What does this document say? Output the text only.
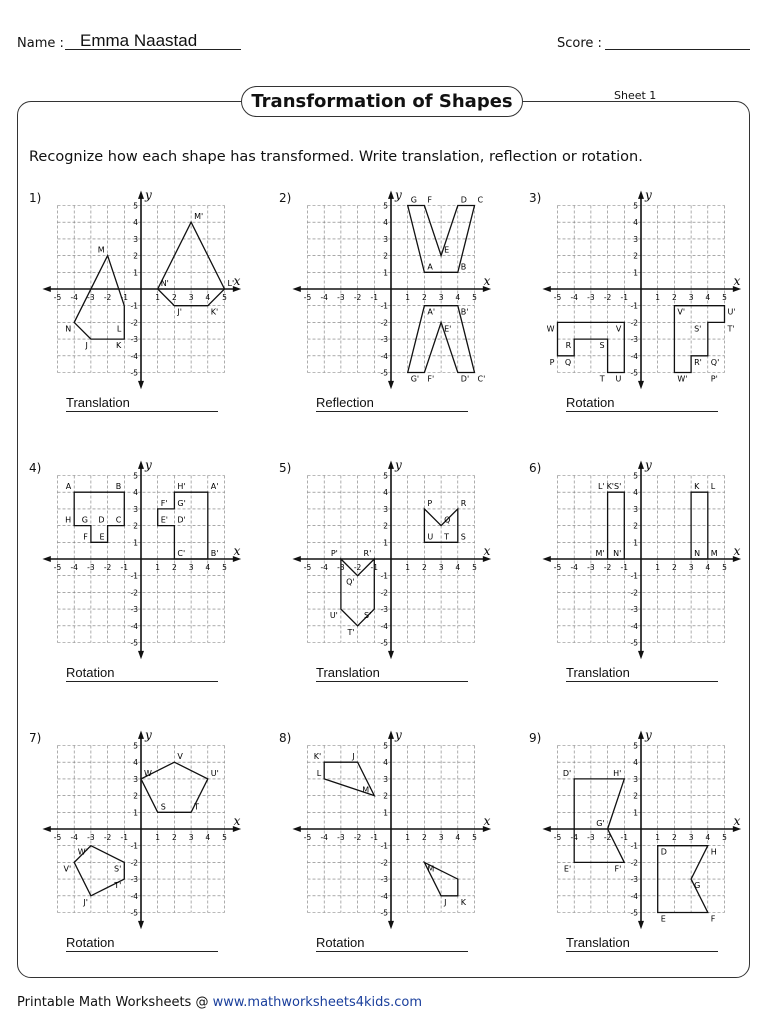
Name : Emma Naastad	Score :
Transformation of Shapes	Sheet 1
Recognize how each shape has transformed. Write translation, reflection or rotation.
1)
Translation
x
y
-5
-5
-4
-4
-3
-3
-2
-2
-1
-1
1
1
2
2
3
3
4
4
5
5
M
N
J	K
L
M'
N'
J'	K'
L'
2)
Reflection
x
y
-5
-5
-4
-4
-3
-3
-2
-2
-1
-1
1
1
2
2
3
3
4
4
5
5
G F	D C
E
A	B
A'	B'
E'
G' F'	D' C'
3)
Rotation
x
y
-5
-5
-4
-4
-3
-3
-2
-2
-1
-1
1
1
2
2
3
3
4
4
5
5
W	V
R	S
P Q
T U
V'	U'
T'
S'
R' Q'
W'	P'
4)
Rotation
x
y
-5
-5
-4
-4
-3
-3
-2
-2
-1
-1
1
1
2
2
3
3
4
4
5
5
A	B
C
D
G
H
F E
H'	A'
G'
F'
E' D'
C'	B'
5)
Translation
x
y
-5
-5
-4
-4
-3
-3
-2
-2
-1
-1
1
1
2
2
3
3
4
4
5
5
P'
Q'
R'
U'	S'
T'
P
Q
R
U	S
T
6)
Translation
x
y
-5
-5
-4
-4
-3
-3
-2
-2
-1
-1
1
1
2
2
3
3
4
4
5
5
L' K'S'
M' N'
K L
N M
7)
Rotation
x
y
-5
-5
-4
-4
-3
-3
-2
-2
-1
-1
1
1
2
2
3
3
4
4
5
5
V
U'
W
S	T
W'
S'
V'
T'
J'
8)
Rotation
x
y
-5
-5
-4
-4
-3
-3
-2
-2
-1
-1
1
1
2
2
3
3
4
4
5
5
K'	J
L
M'
M
J K
9)
Translation
x
y
-5
-5
-4
-4
-3
-3
-2
-2
-1
-1
1
1
2
2
3
3
4
4
5
5
D'	H'
G'
F'
E'
D	H
G
F
E
Printable Math Worksheets @ www.mathworksheets4kids.com
